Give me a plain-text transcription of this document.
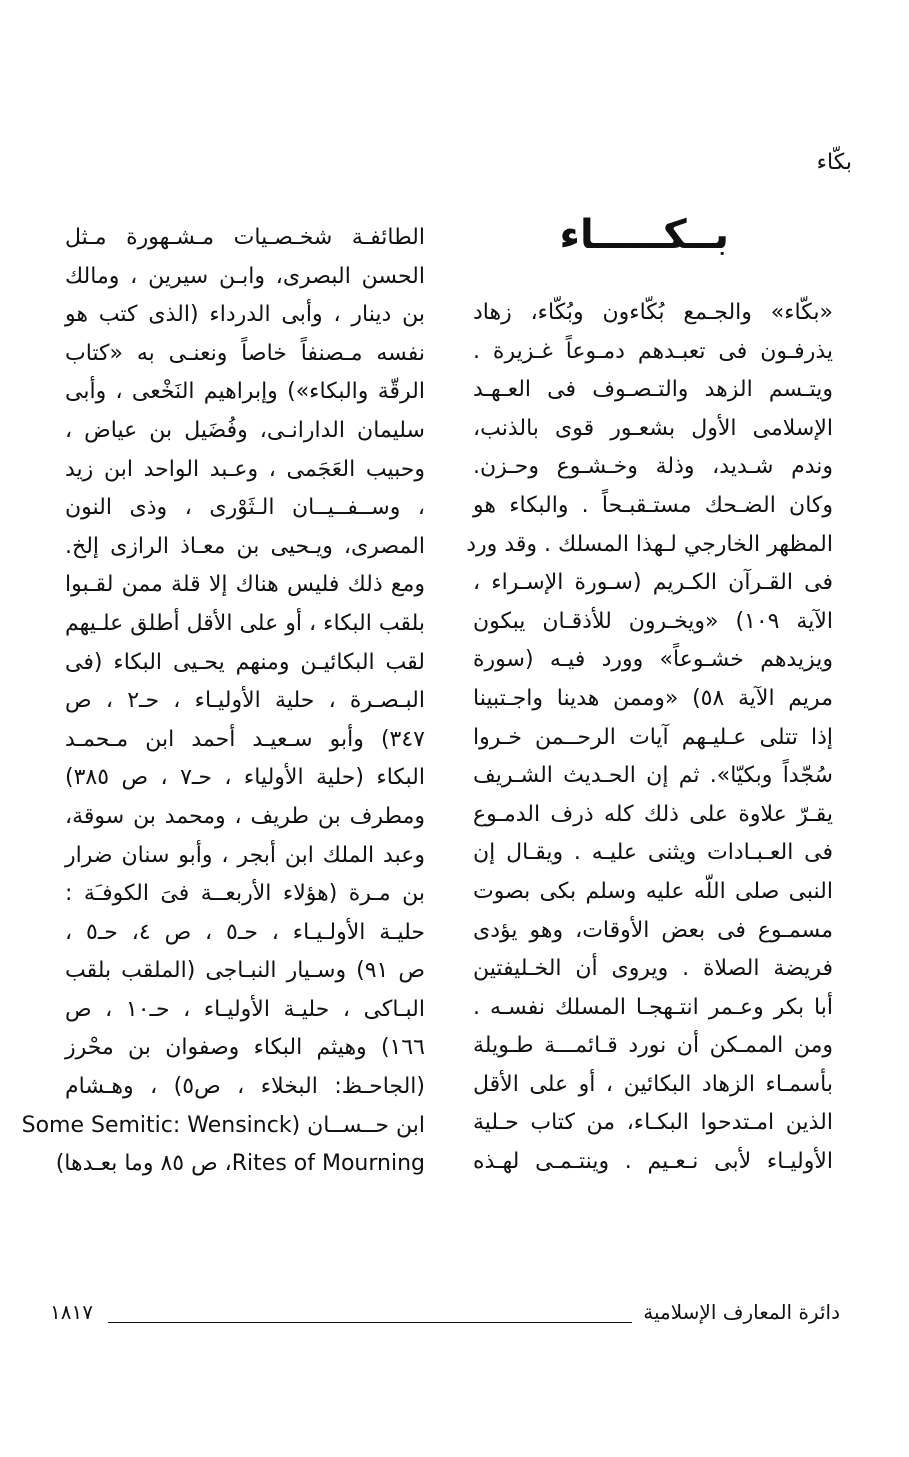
بكّاء
بــكـــــاء
«بكّاء» والجـمع بُكّاءون وبُكّاء، زهاد
يذرفـون فى تعبـدهم دمـوعاً غـزيرة .
ويتـسم الزهد والتـصـوف فى العـهـد
الإسلامى الأول بشعـور قوى بالذنب،
وندم شـديد، وذلة وخـشـوع وحـزن.
وكان الضـحك مستـقبـحاً . والبكاء هو
المظهر الخارجي لـهذا المسلك . وقد ورد
فى القـرآن الكـريم (سـورة الإسـراء ،
الآية ١٠٩) «ويخـرون للأذقـان يبكون
ويزيدهم خشـوعاً» وورد فيـه (سورة
مريم الآية ٥٨) «وممن هدينا واجـتبينا
إذا تتلى عـليـهم آيات الرحــمن خـروا
سُجّداً وبكيّا». ثم إن الحـديث الشـريف
يقـرّ علاوة على ذلك كله ذرف الدمـوع
فى العـبـادات ويثنى عليـه . ويقـال إن
النبى صلى اللّه عليه وسلم بكى بصوت
مسمـوع فى بعض الأوقات، وهو يؤدى
فريضة الصلاة . ويروى أن الخـليفتين
أبا بكر وعـمر انتـهجـا المسلك نفسـه .
ومن الممـكن أن نورد قـائمـــة طـويلة
بأسمـاء الزهاد البكائين ، أو على الأقل
الذين امـتدحوا البكـاء، من كتاب حـلية
الأوليـاء لأبى نـعـيم . وينتـمـى لهـذه
الطائفـة شخـصـيات مـشـهورة مـثل
الحسن البصرى، وابـن سيرين ، ومالك
بن دينار ، وأبى الدرداء (الذى كتب هو
نفسه مـصنفاً خاصاً ونعنـى به «كتاب
الرقّة والبكاء») وإبراهيم النَخْعى ، وأبى
سليمان الدارانـى، وفُضَيل بن عياض ،
وحبيب العَجَمى ، وعـبد الواحد ابن زيد
، وســفــيــان الـثَوْرى ، وذى النون
المصرى، ويـحيى بن معـاذ الرازى إلخ.
ومع ذلك فليس هناك إلا قلة ممن لقـبوا
بلقب البكاء ، أو على الأقل أطلق علـيهم
لقب البكائيـن ومنهم يحـيى البكاء (فى
البـصـرة ، حلية الأوليـاء ، حـ٢ ، ص
٣٤٧) وأبو سـعيـد أحمد ابن مـحمـد
البكاء (حلية الأولياء ، حـ٧ ، ص ٣٨٥)
ومطرف بن طريف ، ومحمد بن سوقة،
وعبد الملك ابن أبجر ، وأبو سنان ضرار
بن مـرة (هؤلاء الأربعــة فىَ الكوفـَة :
حليـة الأولـيـاء ، حـ٥ ، ص ٤، حـ٥ ،
ص ٩١) وسـيار النبـاجى (الملقب بلقب
البـاكى ، حليـة الأوليـاء ، حـ١٠ ، ص
١٦٦) وهيثم البكاء وصفوان بن محْرز
(الجاحـظ: البخلاء ، ص٥) ، وهـشام
ابن حــســان (Some Semitic: Wensinck
Rites of Mourning، ص ٨٥ وما بعـدها)
دائرة المعارف الإسلامية
١٨١٧
